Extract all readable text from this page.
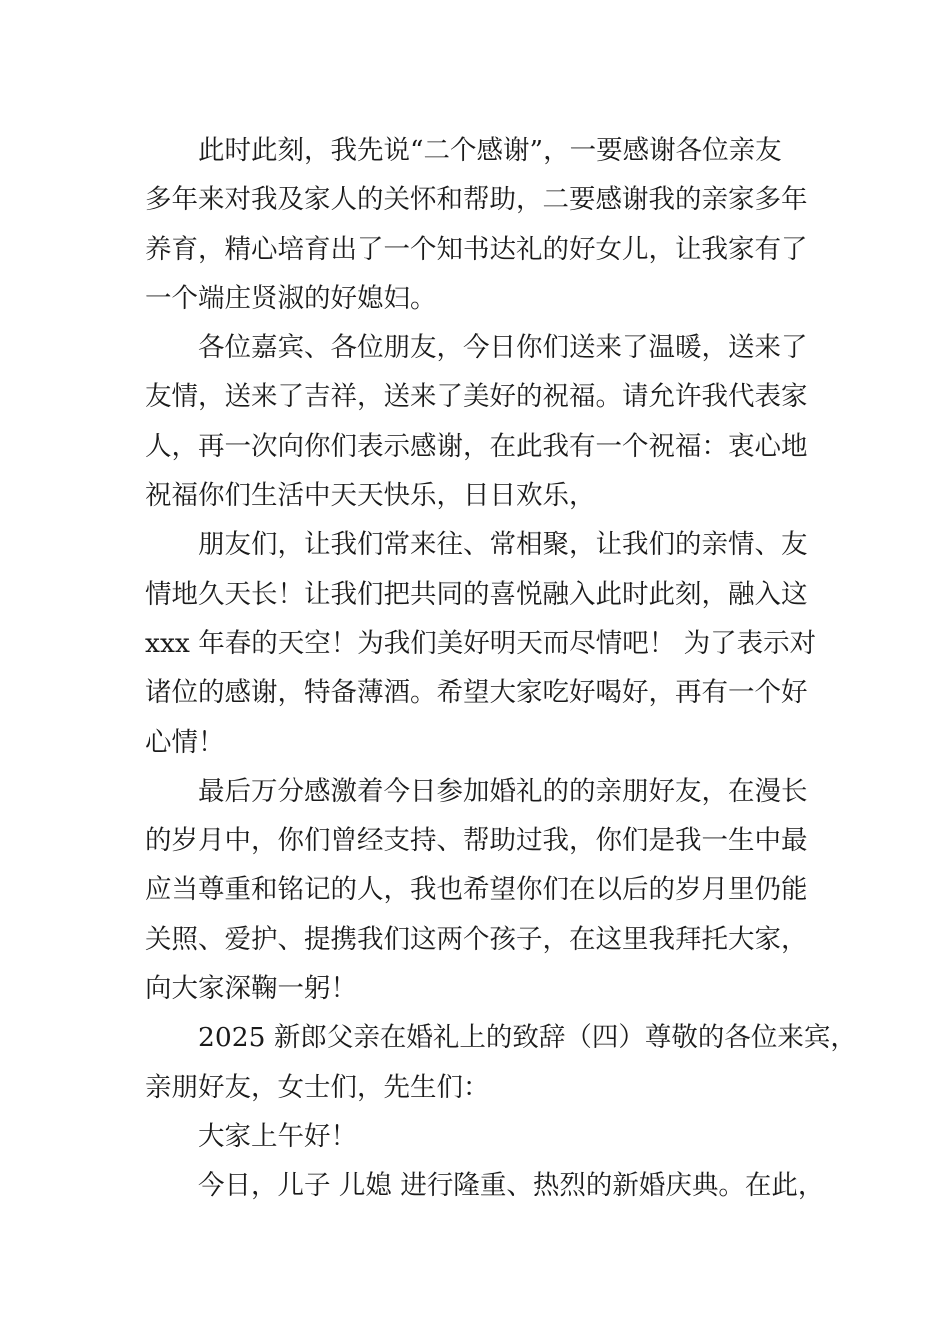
此时此刻，我先说“二个感谢”，一要感谢各位亲友
多年来对我及家人的关怀和帮助，二要感谢我的亲家多年
养育，精心培育出了一个知书达礼的好女儿，让我家有了
一个端庄贤淑的好媳妇。
各位嘉宾、各位朋友，今日你们送来了温暖，送来了
友情，送来了吉祥，送来了美好的祝福。请允许我代表家
人，再一次向你们表示感谢，在此我有一个祝福：衷心地
祝福你们生活中天天快乐，日日欢乐，
朋友们，让我们常来往、常相聚，让我们的亲情、友
情地久天长！让我们把共同的喜悦融入此时此刻，融入这
xxx 年春的天空！为我们美好明天而尽情吧！ 为了表示对
诸位的感谢，特备薄酒。希望大家吃好喝好，再有一个好
心情！
最后万分感激着今日参加婚礼的的亲朋好友，在漫长
的岁月中，你们曾经支持、帮助过我，你们是我一生中最
应当尊重和铭记的人，我也希望你们在以后的岁月里仍能
关照、爱护、提携我们这两个孩子，在这里我拜托大家，
向大家深鞠一躬！
2025 新郎父亲在婚礼上的致辞（四）尊敬的各位来宾，
亲朋好友，女士们，先生们：
大家上午好！
今日，儿子 儿媳 进行隆重、热烈的新婚庆典。在此，
